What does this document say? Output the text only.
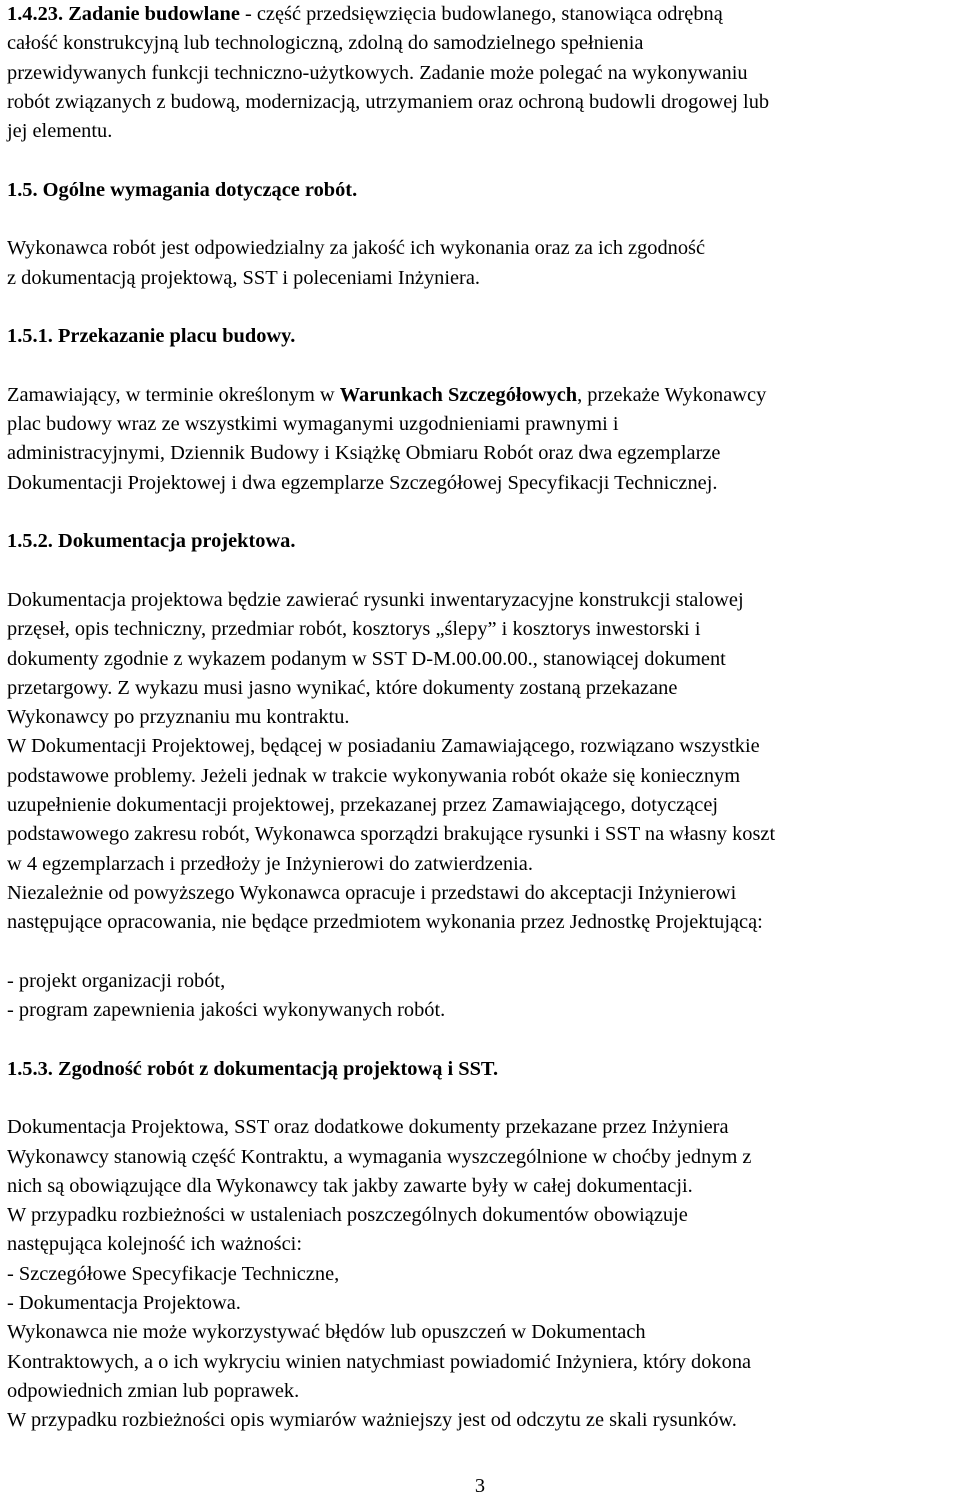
1.4.23. Zadanie budowlane - część przedsięwzięcia budowlanego, stanowiąca odrębną
całość konstrukcyjną lub technologiczną, zdolną do samodzielnego spełnienia
przewidywanych funkcji techniczno-użytkowych. Zadanie może polegać na wykonywaniu
robót związanych z budową, modernizacją, utrzymaniem oraz ochroną budowli drogowej lub
jej elementu.
1.5. Ogólne wymagania dotyczące robót.
Wykonawca robót jest odpowiedzialny za jakość ich wykonania oraz za ich zgodność
z dokumentacją projektową, SST i poleceniami Inżyniera.
1.5.1. Przekazanie placu budowy.
Zamawiający, w terminie określonym w Warunkach Szczegółowych, przekaże Wykonawcy
plac budowy wraz ze wszystkimi wymaganymi uzgodnieniami prawnymi i
administracyjnymi, Dziennik Budowy i Książkę Obmiaru Robót oraz dwa egzemplarze
Dokumentacji Projektowej i dwa egzemplarze Szczegółowej Specyfikacji Technicznej.
1.5.2. Dokumentacja projektowa.
Dokumentacja projektowa będzie zawierać rysunki inwentaryzacyjne konstrukcji stalowej
przęseł, opis techniczny, przedmiar robót, kosztorys „ślepy” i kosztorys inwestorski i
dokumenty zgodnie z wykazem podanym w SST D-M.00.00.00., stanowiącej dokument
przetargowy. Z wykazu musi jasno wynikać, które dokumenty zostaną przekazane
Wykonawcy po przyznaniu mu kontraktu.
W Dokumentacji Projektowej, będącej w posiadaniu Zamawiającego, rozwiązano wszystkie
podstawowe problemy. Jeżeli jednak w trakcie wykonywania robót okaże się koniecznym
uzupełnienie dokumentacji projektowej, przekazanej przez Zamawiającego, dotyczącej
podstawowego zakresu robót, Wykonawca sporządzi brakujące rysunki i SST na własny koszt
w 4 egzemplarzach i przedłoży je Inżynierowi do zatwierdzenia.
Niezależnie od powyższego Wykonawca opracuje i przedstawi do akceptacji Inżynierowi
następujące opracowania, nie będące przedmiotem wykonania przez Jednostkę Projektującą:
- projekt organizacji robót,
- program zapewnienia jakości wykonywanych robót.
1.5.3. Zgodność robót z dokumentacją projektową i SST.
Dokumentacja Projektowa, SST oraz dodatkowe dokumenty przekazane przez Inżyniera
Wykonawcy stanowią część Kontraktu, a wymagania wyszczególnione w choćby jednym z
nich są obowiązujące dla Wykonawcy tak jakby zawarte były w całej dokumentacji.
W przypadku rozbieżności w ustaleniach poszczególnych dokumentów obowiązuje
następująca kolejność ich ważności:
- Szczegółowe Specyfikacje Techniczne,
- Dokumentacja Projektowa.
Wykonawca nie może wykorzystywać błędów lub opuszczeń w Dokumentach
Kontraktowych, a o ich wykryciu winien natychmiast powiadomić Inżyniera, który dokona
odpowiednich zmian lub poprawek.
W przypadku rozbieżności opis wymiarów ważniejszy jest od odczytu ze skali rysunków.
3
